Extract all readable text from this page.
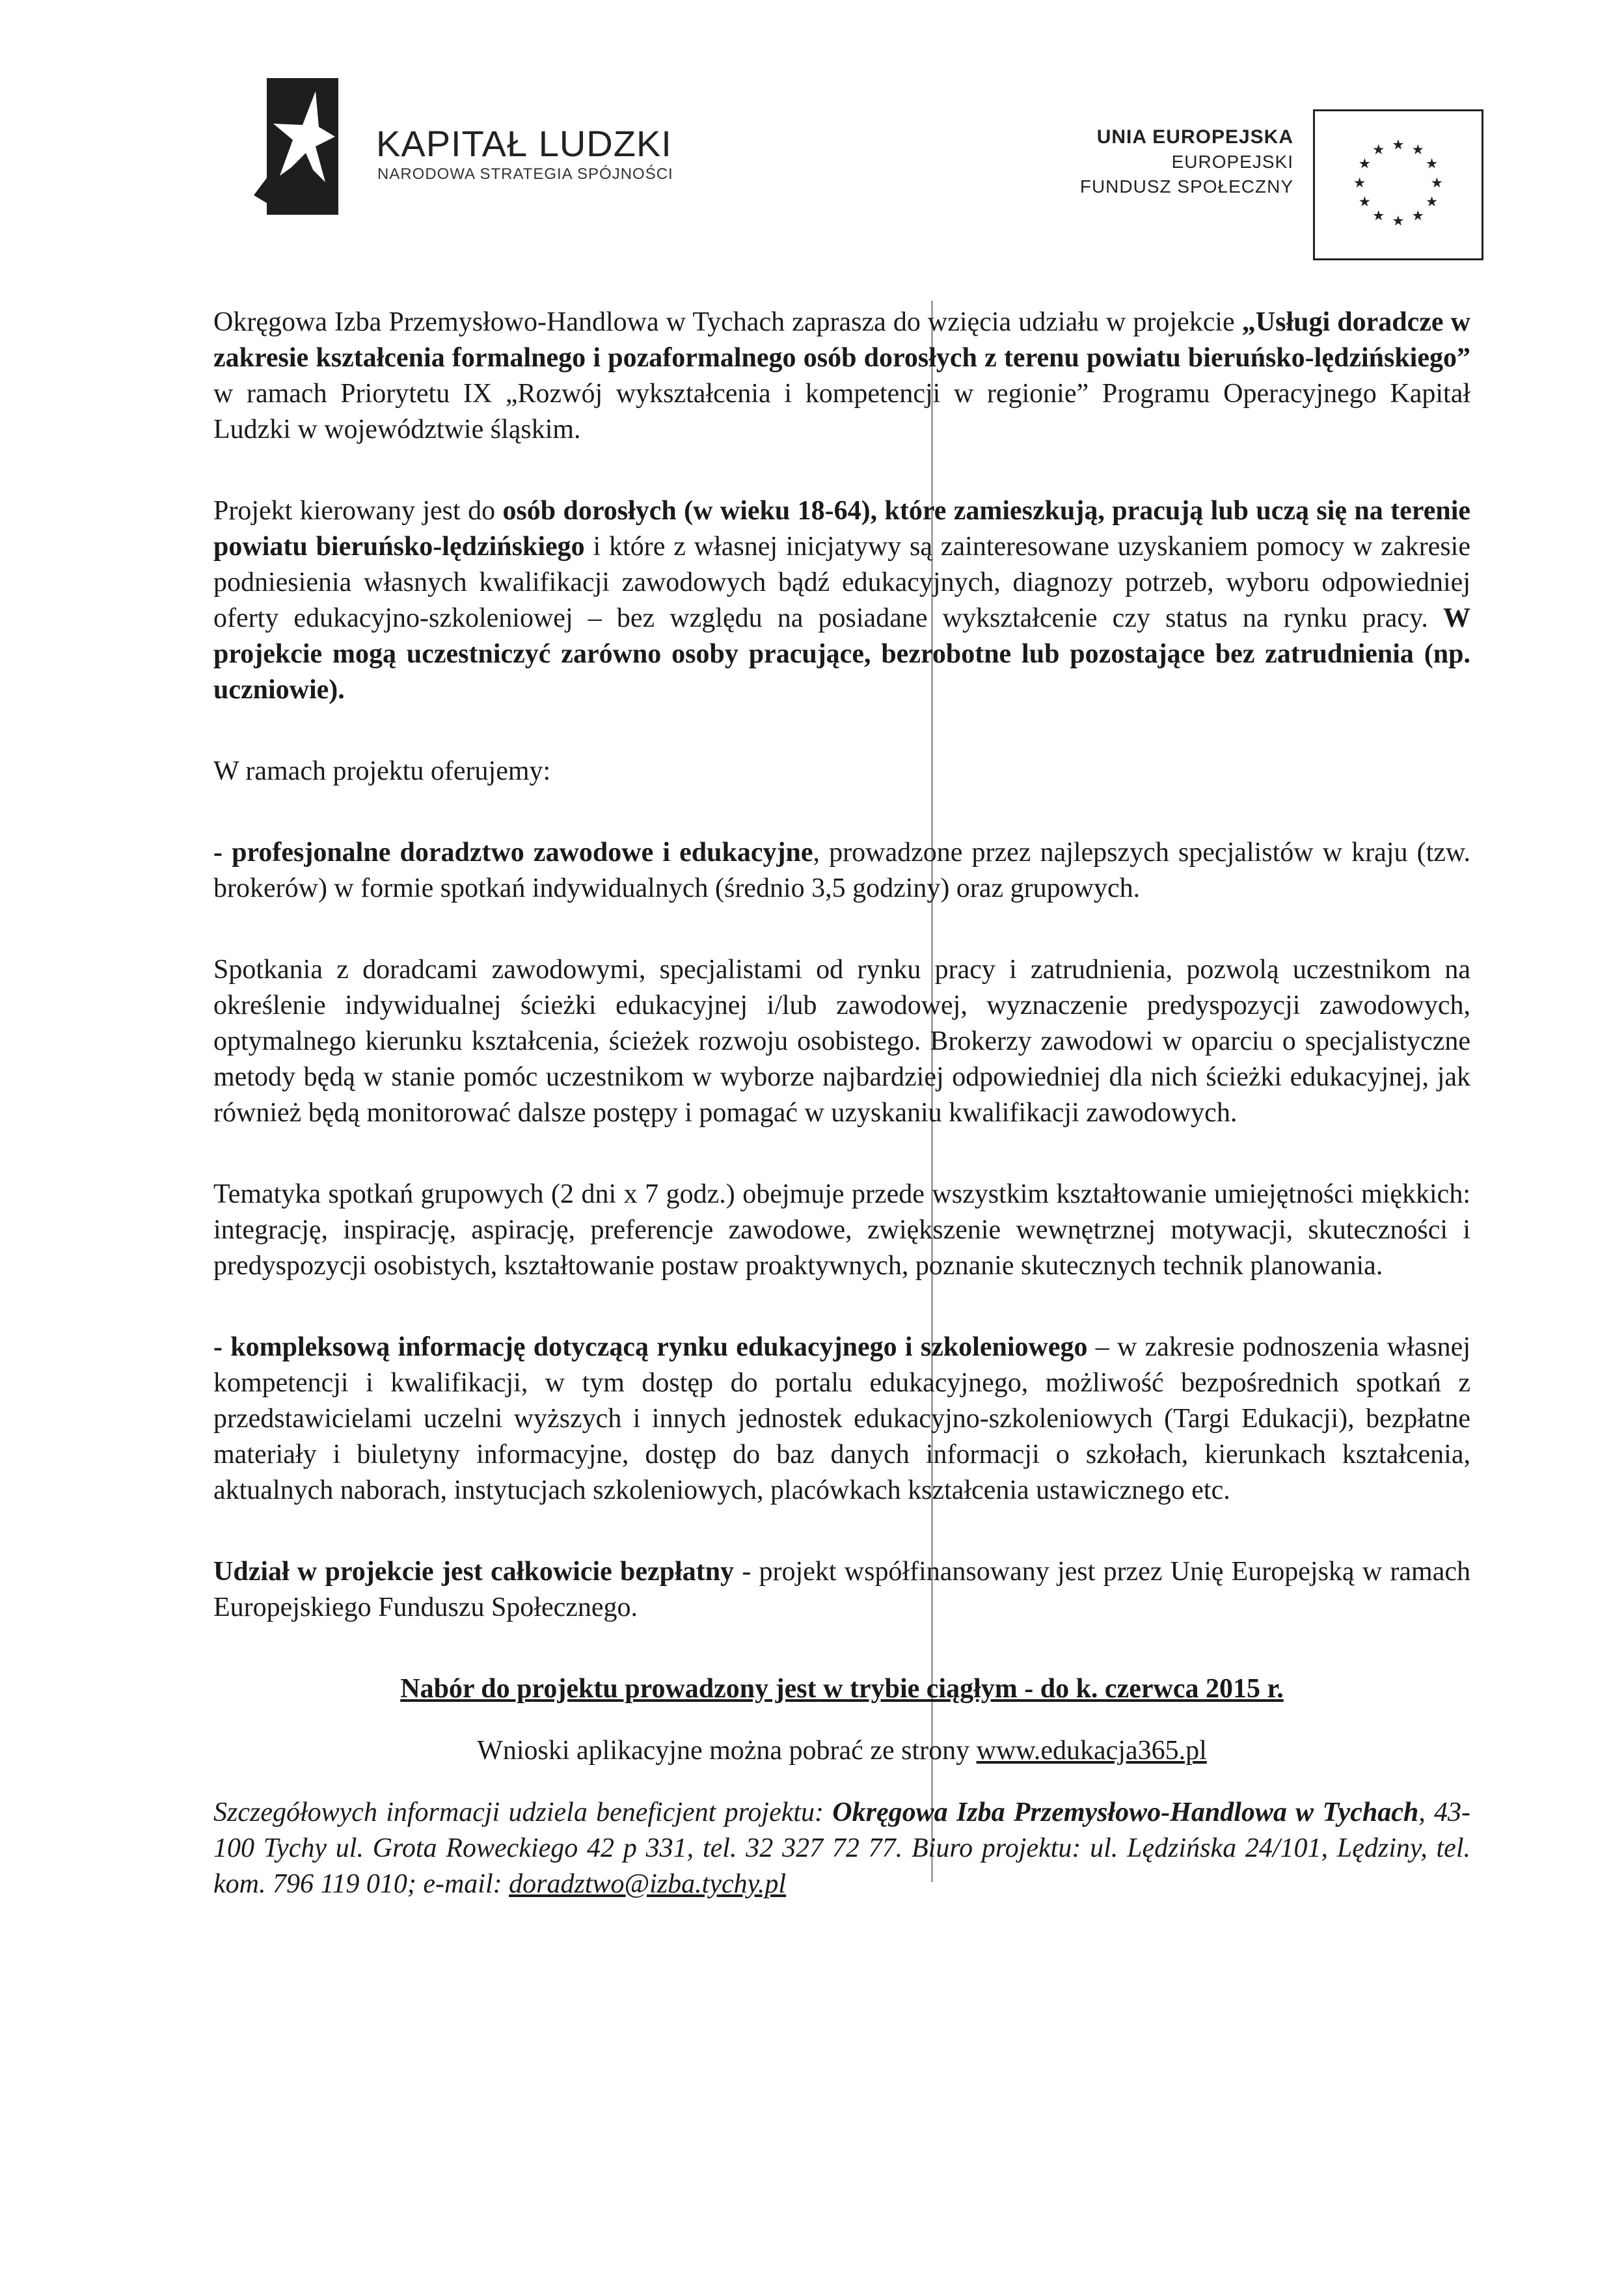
KAPITAŁ LUDZKI
NARODOWA STRATEGIA SPÓJNOŚCI
UNIA EUROPEJSKA
EUROPEJSKI
FUNDUSZ SPOŁECZNY
★ ★
★
★
★
★
★
★
★
★
★
★

Okręgowa Izba Przemysłowo-Handlowa w Tychach zaprasza do wzięcia udziału w projekcie „Usługi doradcze w zakresie kształcenia formalnego i pozaformalnego osób dorosłych z terenu powiatu bieruńsko-lędzińskiego” w ramach Priorytetu IX „Rozwój wykształcenia i kompetencji w regionie” Programu Operacyjnego Kapitał Ludzki w województwie śląskim.

Projekt kierowany jest do osób dorosłych (w wieku 18-64), które zamieszkują, pracują lub uczą się na terenie powiatu bieruńsko-lędzińskiego i które z własnej inicjatywy są zainteresowane uzyskaniem pomocy w zakresie podniesienia własnych kwalifikacji zawodowych bądź edukacyjnych, diagnozy potrzeb, wyboru odpowiedniej oferty edukacyjno-szkoleniowej – bez względu na posiadane wykształcenie czy status na rynku pracy. W projekcie mogą uczestniczyć zarówno osoby pracujące, bezrobotne lub pozostające bez zatrudnienia (np. uczniowie).

W ramach projektu oferujemy:

- profesjonalne doradztwo zawodowe i edukacyjne, prowadzone przez najlepszych specjalistów w kraju (tzw. brokerów) w formie spotkań indywidualnych (średnio 3,5 godziny) oraz grupowych.

Spotkania z doradcami zawodowymi, specjalistami od rynku pracy i zatrudnienia, pozwolą uczestnikom na określenie indywidualnej ścieżki edukacyjnej i/lub zawodowej, wyznaczenie predyspozycji zawodowych, optymalnego kierunku kształcenia, ścieżek rozwoju osobistego. Brokerzy zawodowi w oparciu o specjalistyczne metody będą w stanie pomóc uczestnikom w wyborze najbardziej odpowiedniej dla nich ścieżki edukacyjnej, jak również będą monitorować dalsze postępy i pomagać w uzyskaniu kwalifikacji zawodowych.

Tematyka spotkań grupowych (2 dni x 7 godz.) obejmuje przede wszystkim kształtowanie umiejętności miękkich: integrację, inspirację, aspirację, preferencje zawodowe, zwiększenie wewnętrznej motywacji, skuteczności i predyspozycji osobistych, kształtowanie postaw proaktywnych, poznanie skutecznych technik planowania.

- kompleksową informację dotyczącą rynku edukacyjnego i szkoleniowego – w zakresie podnoszenia własnej kompetencji i kwalifikacji, w tym dostęp do portalu edukacyjnego, możliwość bezpośrednich spotkań z przedstawicielami uczelni wyższych i innych jednostek edukacyjno-szkoleniowych (Targi Edukacji), bezpłatne materiały i biuletyny informacyjne, dostęp do baz danych informacji o szkołach, kierunkach kształcenia, aktualnych naborach, instytucjach szkoleniowych, placówkach kształcenia ustawicznego etc.

Udział w projekcie jest całkowicie bezpłatny - projekt współfinansowany jest przez Unię Europejską w ramach Europejskiego Funduszu Społecznego.

Nabór do projektu prowadzony jest w trybie ciągłym - do k. czerwca 2015 r.

Wnioski aplikacyjne można pobrać ze strony www.edukacja365.pl

Szczegółowych informacji udziela beneficjent projektu: Okręgowa Izba Przemysłowo-Handlowa w Tychach, 43-100 Tychy ul. Grota Roweckiego 42 p 331, tel. 32 327 72 77. Biuro projektu: ul. Lędzińska 24/101, Lędziny, tel. kom. 796 119 010; e-mail: doradztwo@izba.tychy.pl
